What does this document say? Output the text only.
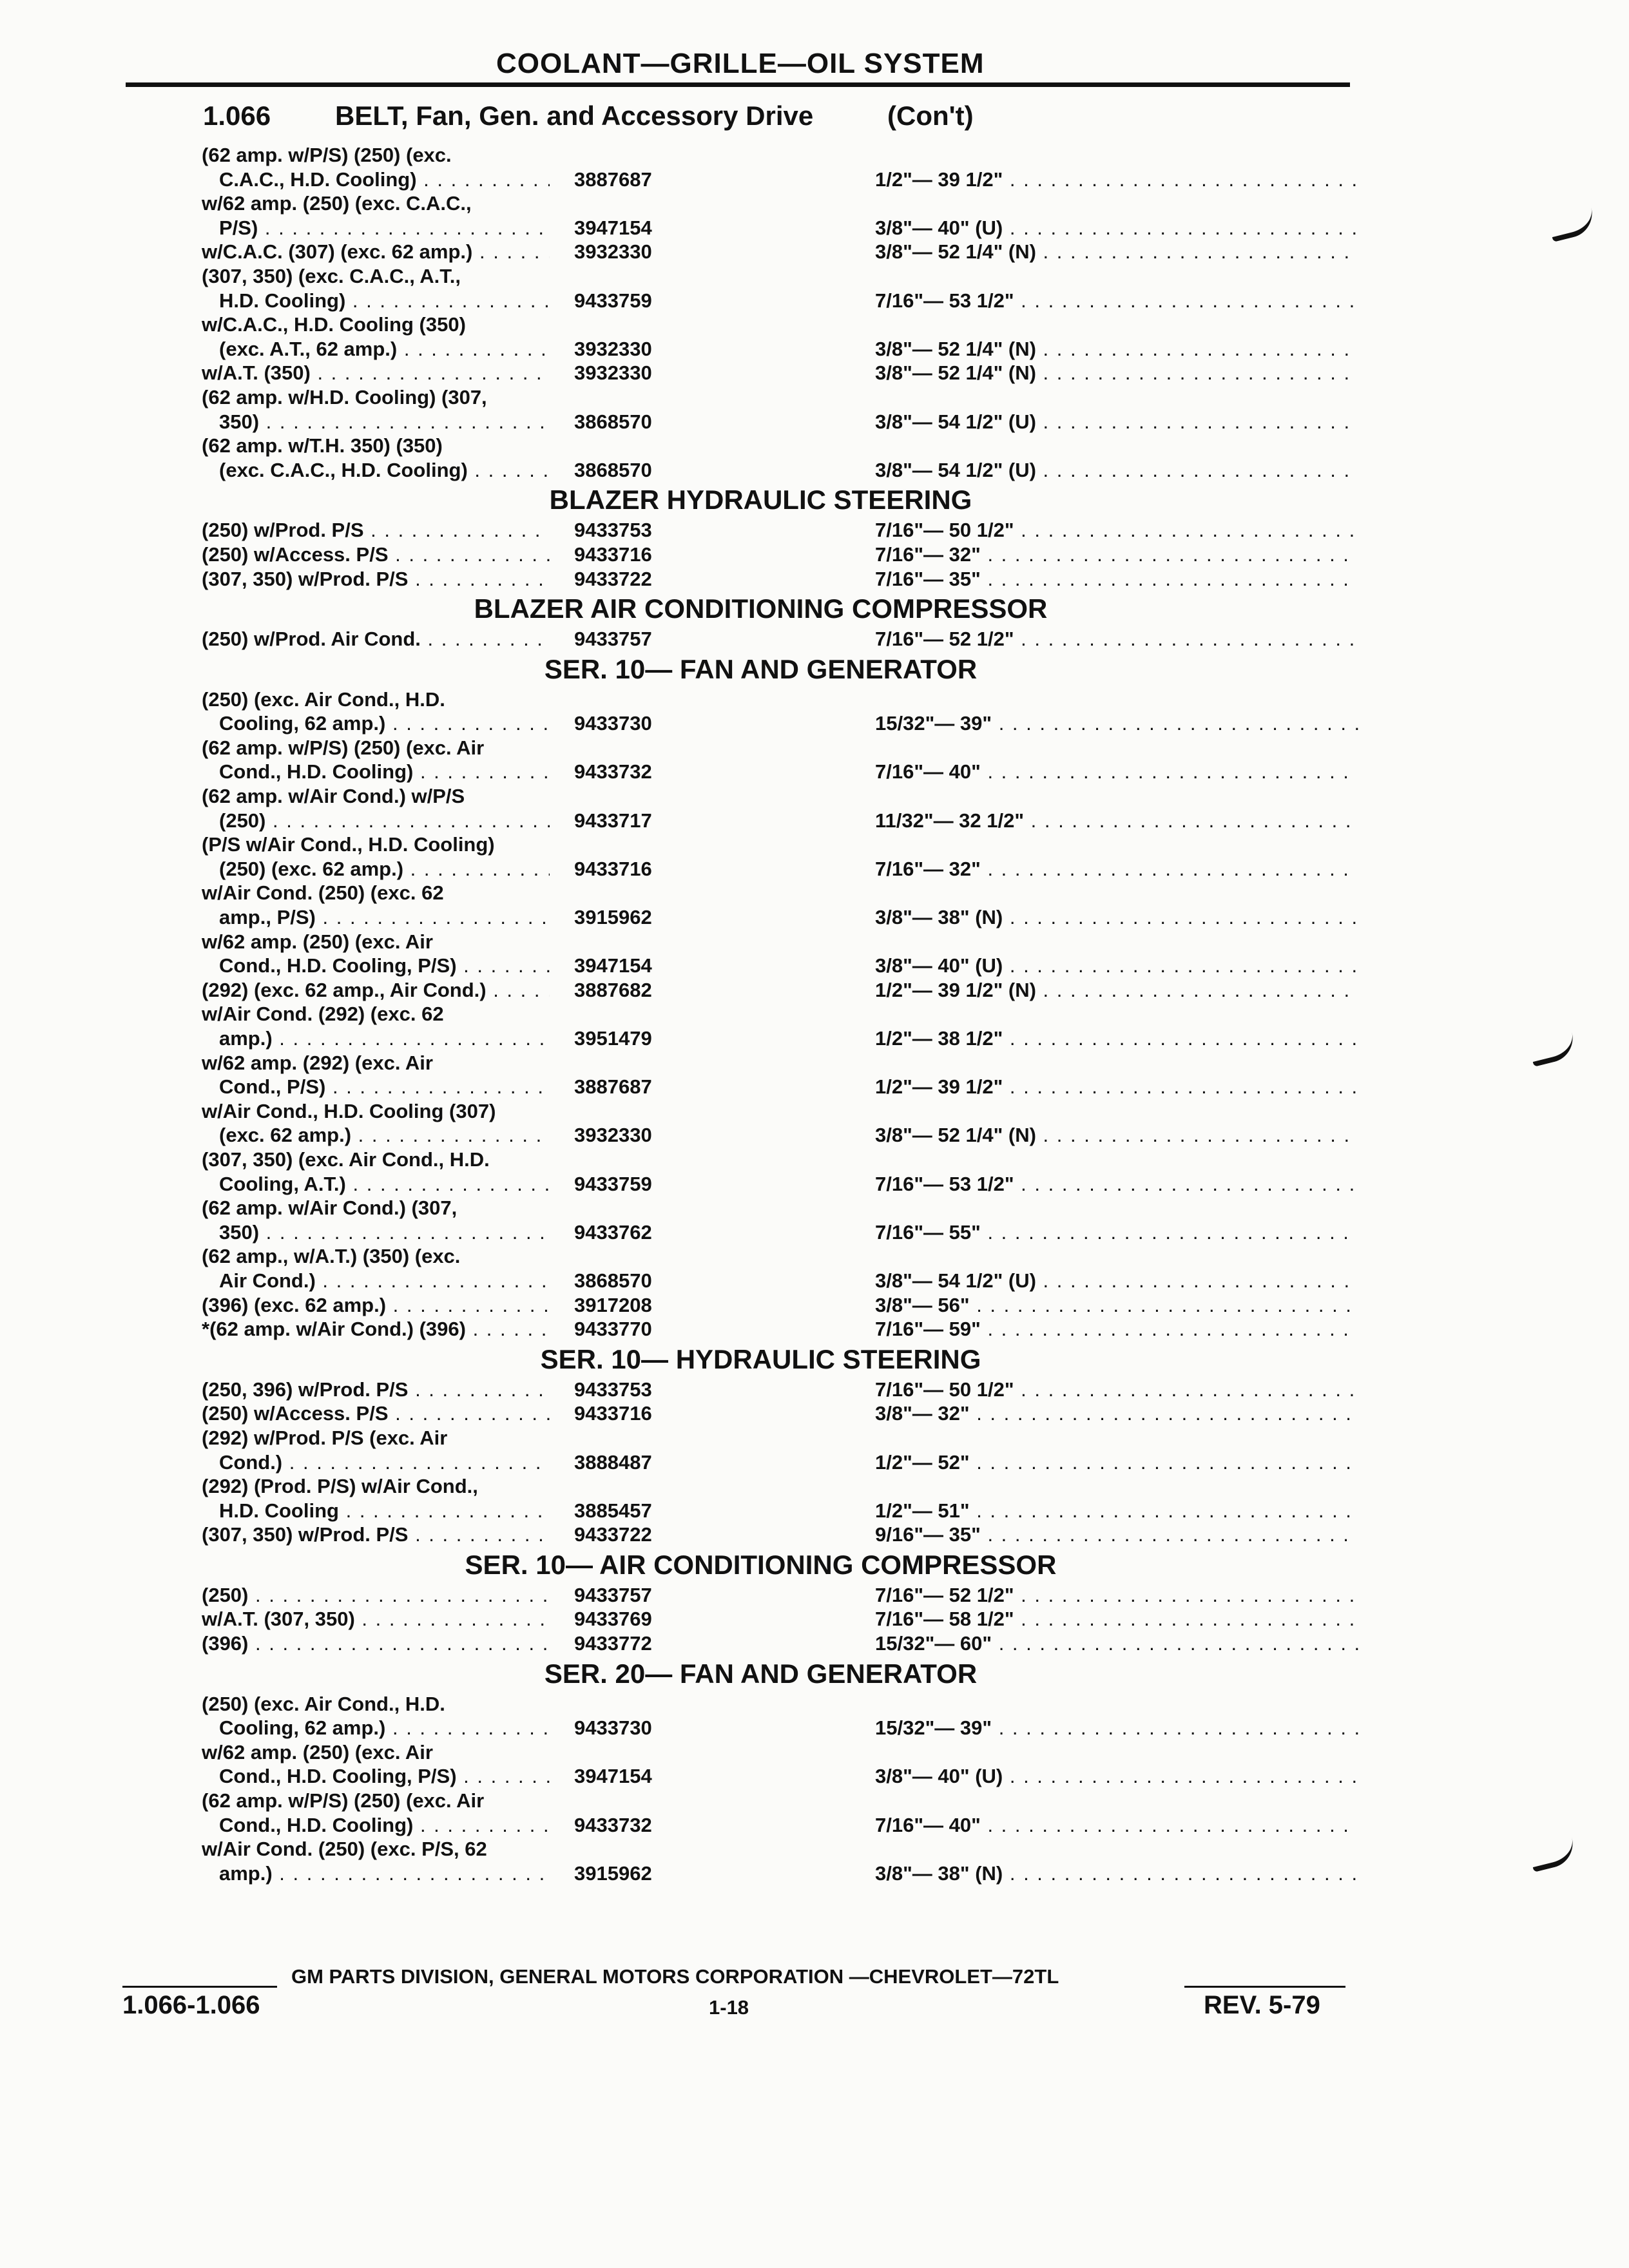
COOLANT—GRILLE—OIL SYSTEM
1.066 BELT, Fan, Gen. and Accessory Drive	(Con't)
(62 amp. w/P/S) (250) (exc.
C.A.C., H.D. Cooling) . . .	3887687	1/2"— 39 1/2" . . .
w/62 amp. (250) (exc. C.A.C.,
P/S) . . .	3947154	3/8"— 40" (U) . . .
w/C.A.C. (307) (exc. 62 amp.) . . .	3932330	3/8"— 52 1/4" (N) . . .
(307, 350) (exc. C.A.C., A.T.,
H.D. Cooling) . . .	9433759	7/16"— 53 1/2" . . .
w/C.A.C., H.D. Cooling (350)
(exc. A.T., 62 amp.) . . .	3932330	3/8"— 52 1/4" (N) . . .
w/A.T. (350) . . .	3932330	3/8"— 52 1/4" (N) . . .
(62 amp. w/H.D. Cooling) (307,
350) . . .	3868570	3/8"— 54 1/2" (U) . . .
(62 amp. w/T.H. 350) (350)
(exc. C.A.C., H.D. Cooling) . . .	3868570	3/8"— 54 1/2" (U) . . .
BLAZER HYDRAULIC STEERING
(250) w/Prod. P/S . . .	9433753	7/16"— 50 1/2" . . .
(250) w/Access. P/S . . .	9433716	7/16"— 32" . . .
(307, 350) w/Prod. P/S . . .	9433722	7/16"— 35" . . .
BLAZER AIR CONDITIONING COMPRESSOR
(250) w/Prod. Air Cond. . . .	9433757	7/16"— 52 1/2" . . .
SER. 10— FAN AND GENERATOR
(250) (exc. Air Cond., H.D.
Cooling, 62 amp.) . . .	9433730	15/32"— 39" . . .
(62 amp. w/P/S) (250) (exc. Air
Cond., H.D. Cooling) . . .	9433732	7/16"— 40" . . .
(62 amp. w/Air Cond.) w/P/S
(250) . . .	9433717	11/32"— 32 1/2" . . .
(P/S w/Air Cond., H.D. Cooling)
(250) (exc. 62 amp.) . . .	9433716	7/16"— 32" . . .
w/Air Cond. (250) (exc. 62
amp., P/S) . . .	3915962	3/8"— 38" (N) . . .
w/62 amp. (250) (exc. Air
Cond., H.D. Cooling, P/S) . . .	3947154	3/8"— 40" (U) . . .
(292) (exc. 62 amp., Air Cond.) . . .	3887682	1/2"— 39 1/2" (N) . . .
w/Air Cond. (292) (exc. 62
amp.) . . .	3951479	1/2"— 38 1/2" . . .
w/62 amp. (292) (exc. Air
Cond., P/S) . . .	3887687	1/2"— 39 1/2" . . .
w/Air Cond., H.D. Cooling (307)
(exc. 62 amp.) . . .	3932330	3/8"— 52 1/4" (N) . . .
(307, 350) (exc. Air Cond., H.D.
Cooling, A.T.) . . .	9433759	7/16"— 53 1/2" . . .
(62 amp. w/Air Cond.) (307,
350) . . .	9433762	7/16"— 55" . . .
(62 amp., w/A.T.) (350) (exc.
Air Cond.) . . .	3868570	3/8"— 54 1/2" (U) . . .
(396) (exc. 62 amp.) . . .	3917208	3/8"— 56" . . .
*(62 amp. w/Air Cond.) (396) . . .	9433770	7/16"— 59" . . .
SER. 10— HYDRAULIC STEERING
(250, 396) w/Prod. P/S . . .	9433753	7/16"— 50 1/2" . . .
(250) w/Access. P/S . . .	9433716	3/8"— 32" . . .
(292) w/Prod. P/S (exc. Air
Cond.) . . .	3888487	1/2"— 52" . . .
(292) (Prod. P/S) w/Air Cond.,
H.D. Cooling . . .	3885457	1/2"— 51" . . .
(307, 350) w/Prod. P/S . . .	9433722	9/16"— 35" . . .
SER. 10— AIR CONDITIONING COMPRESSOR
(250) . . .	9433757	7/16"— 52 1/2" . . .
w/A.T. (307, 350) . . .	9433769	7/16"— 58 1/2" . . .
(396) . . .	9433772	15/32"— 60" . . .
SER. 20— FAN AND GENERATOR
(250) (exc. Air Cond., H.D.
Cooling, 62 amp.) . . .	9433730	15/32"— 39" . . .
w/62 amp. (250) (exc. Air
Cond., H.D. Cooling, P/S) . . .	3947154	3/8"— 40" (U) . . .
(62 amp. w/P/S) (250) (exc. Air
Cond., H.D. Cooling) . . .	9433732	7/16"— 40" . . .
w/Air Cond. (250) (exc. P/S, 62
amp.) . . .	3915962	3/8"— 38" (N) . . .
GM PARTS DIVISION, GENERAL MOTORS CORPORATION —CHEVROLET—72TL
1.066-1.066	1-18	REV. 5-79
